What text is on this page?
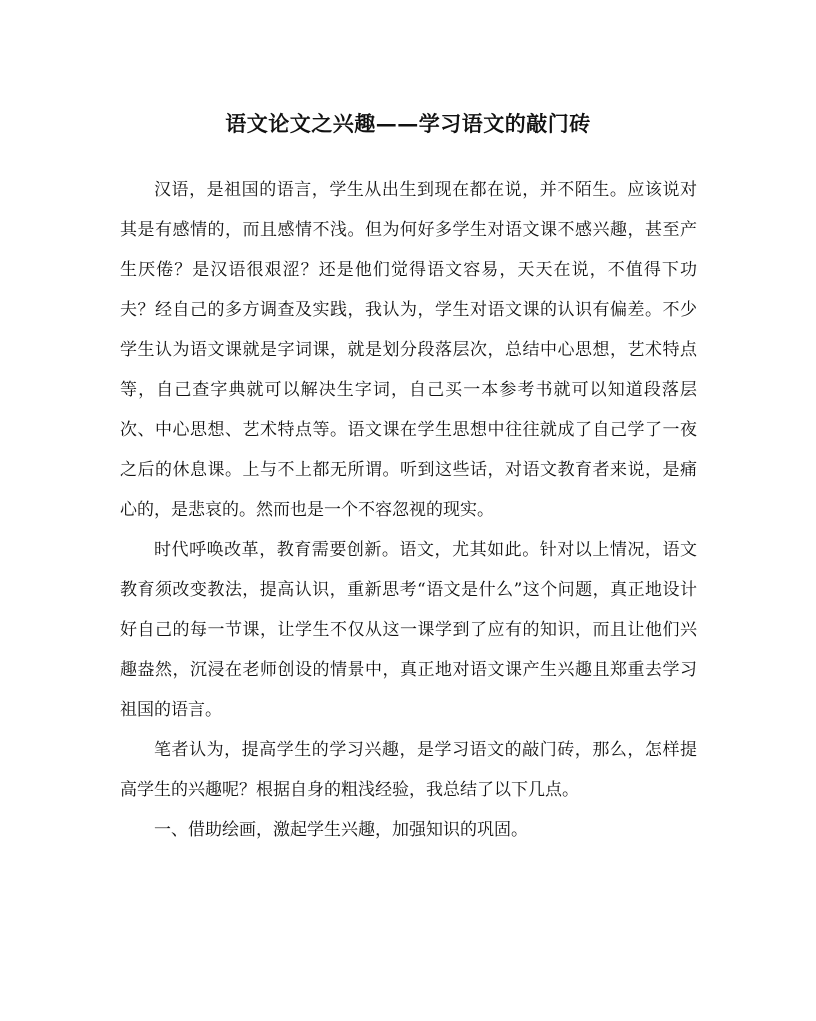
语文论文之兴趣——学习语文的敲门砖

汉语，是祖国的语言，学生从出生到现在都在说，并不陌生。应该说对其是有感情的，而且感情不浅。但为何好多学生对语文课不感兴趣，甚至产生厌倦？是汉语很艰涩？还是他们觉得语文容易，天天在说，不值得下功夫？经自己的多方调查及实践，我认为，学生对语文课的认识有偏差。不少学生认为语文课就是字词课，就是划分段落层次，总结中心思想，艺术特点等，自己查字典就可以解决生字词，自己买一本参考书就可以知道段落层次、中心思想、艺术特点等。语文课在学生思想中往往就成了自己学了一夜之后的休息课。上与不上都无所谓。听到这些话，对语文教育者来说，是痛心的，是悲哀的。然而也是一个不容忽视的现实。

时代呼唤改革，教育需要创新。语文，尤其如此。针对以上情况，语文教育须改变教法，提高认识，重新思考“语文是什么”这个问题，真正地设计好自己的每一节课，让学生不仅从这一课学到了应有的知识，而且让他们兴趣盎然，沉浸在老师创设的情景中，真正地对语文课产生兴趣且郑重去学习祖国的语言。

笔者认为，提高学生的学习兴趣，是学习语文的敲门砖，那么，怎样提高学生的兴趣呢？根据自身的粗浅经验，我总结了以下几点。

一、借助绘画，激起学生兴趣，加强知识的巩固。
